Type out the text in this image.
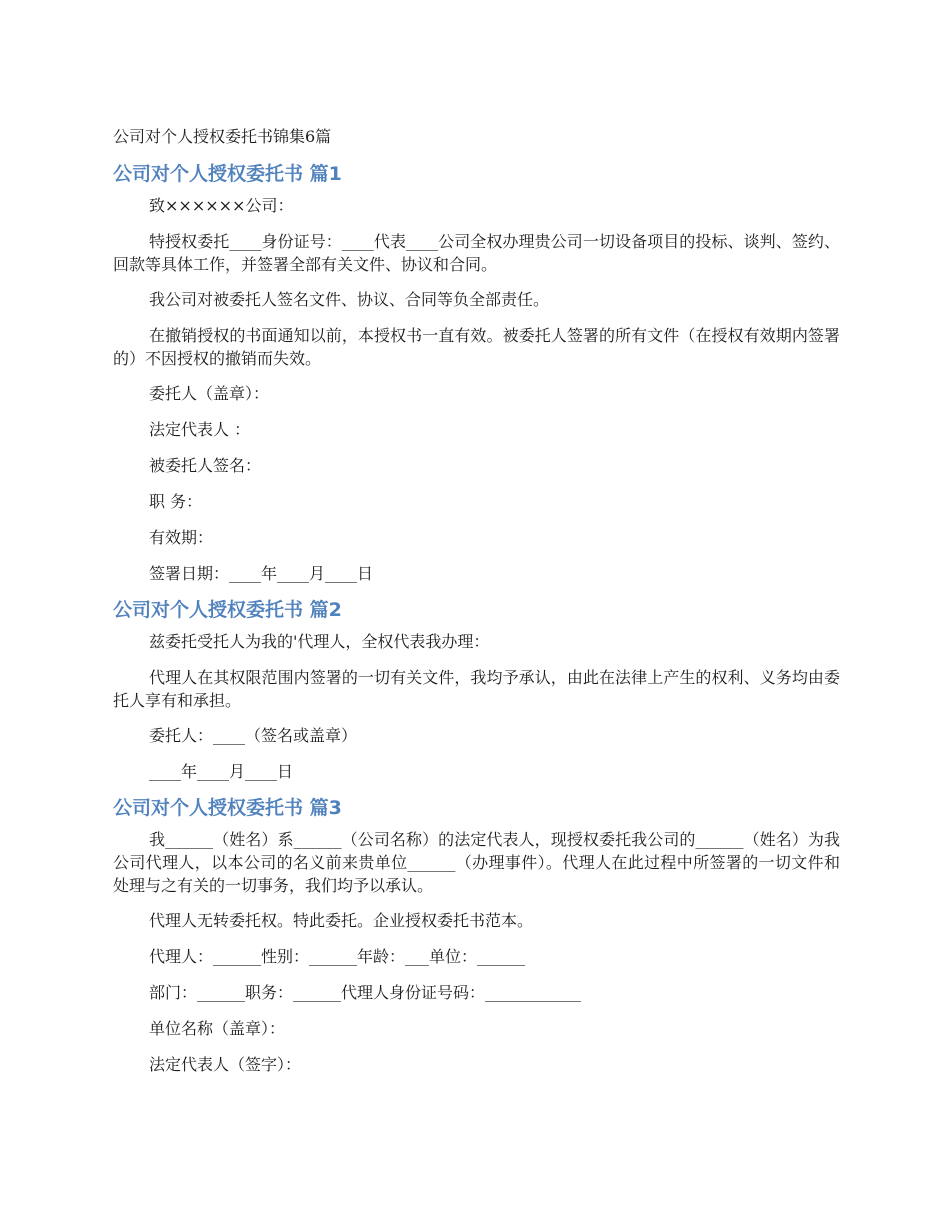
公司对个人授权委托书锦集6篇

公司对个人授权委托书 篇1

致××××××公司：

特授权委托____身份证号：____代表____公司全权办理贵公司一切设备项目的投标、谈判、签约、回款等具体工作，并签署全部有关文件、协议和合同。

我公司对被委托人签名文件、协议、合同等负全部责任。

在撤销授权的书面通知以前，本授权书一直有效。被委托人签署的所有文件（在授权有效期内签署的）不因授权的撤销而失效。

委托人（盖章）：

法定代表人 ：

被委托人签名：

职 务：

有效期：

签署日期：____年____月____日

公司对个人授权委托书 篇2

兹委托受托人为我的'代理人，全权代表我办理：

代理人在其权限范围内签署的一切有关文件，我均予承认，由此在法律上产生的权利、义务均由委托人享有和承担。

委托人：____（签名或盖章）

____年____月____日

公司对个人授权委托书 篇3

我______（姓名）系______（公司名称）的法定代表人，现授权委托我公司的______（姓名）为我公司代理人，以本公司的名义前来贵单位______（办理事件）。代理人在此过程中所签署的一切文件和处理与之有关的一切事务，我们均予以承认。

代理人无转委托权。特此委托。企业授权委托书范本。

代理人：______性别：______年龄：___单位：______

部门：______职务：______代理人身份证号码：____________

单位名称（盖章）：

法定代表人（签字）：
